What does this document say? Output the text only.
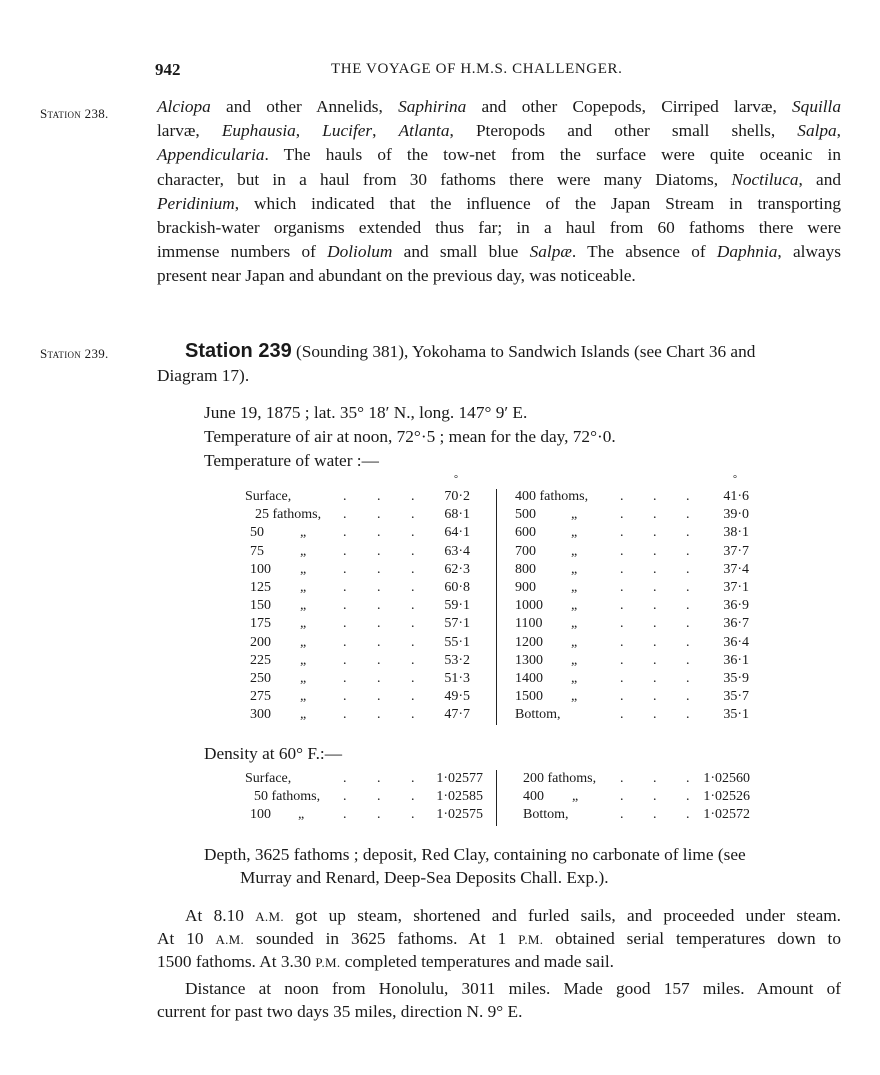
942	THE VOYAGE OF H.M.S. CHALLENGER.
Station 238.	Alciopa and other Annelids, Saphirina and other Copepods, Cirriped larvæ, Squilla
larvæ, Euphausia, Lucifer, Atlanta, Pteropods and other small shells, Salpa,
Appendicularia. The hauls of the tow-net from the surface were quite oceanic in
character, but in a haul from 30 fathoms there were many Diatoms, Noctiluca, and
Peridinium, which indicated that the influence of the Japan Stream in transporting
brackish-water organisms extended thus far; in a haul from 60 fathoms there were
immense numbers of Doliolum and small blue Salpæ. The absence of Daphnia, always
present near Japan and abundant on the previous day, was noticeable.
Station 239.	Station 239 (Sounding 381), Yokohama to Sandwich Islands (see Chart 36 and
Diagram 17).
June 19, 1875 ; lat. 35° 18′ N., long. 147° 9′ E.
Temperature of air at noon, 72°·5 ; mean for the day, 72°·0.
Temperature of water :—
°	°
Surface,	. . . 70·2
25 fathoms, . . . 68·1
50	„	. . . 64·1
75	„	. . . 63·4
100 „	. . . 62·3
125 „	. . . 60·8
150 „	. . . 59·1
175 „	. . . 57·1
200 „	. . . 55·1
225 „	. . . 53·2
250 „	. . . 51·3
275 „	. . . 49·5
300 „	. . . 47·7
400 fathoms, . . . 41·6
500	„	. . . 39·0
600	„	. . . 38·1
700	„	. . . 37·7
800	„	. . . 37·4
900	„	. . . 37·1
1000 „	. . . 36·9
1100 „	. . . 36·7
1200 „	. . . 36·4
1300 „	. . . 36·1
1400 „	. . . 35·9
1500 „	. . . 35·7
Bottom,	. . . 35·1
Density at 60° F.:—
Surface,	. . . 1·02577
50 fathoms, . . . 1·02585
100 „	. . . 1·02575
200 fathoms, . . . 1·02560
400 „	. . . 1·02526
Bottom,	. . . 1·02572
Depth, 3625 fathoms ; deposit, Red Clay, containing no carbonate of lime (see
Murray and Renard, Deep-Sea Deposits Chall. Exp.).
At 8.10 A.M. got up steam, shortened and furled sails, and proceeded under steam.
At 10 A.M. sounded in 3625 fathoms. At 1 P.M. obtained serial temperatures down to
1500 fathoms. At 3.30 P.M. completed temperatures and made sail.
Distance at noon from Honolulu, 3011 miles. Made good 157 miles. Amount of
current for past two days 35 miles, direction N. 9° E.
